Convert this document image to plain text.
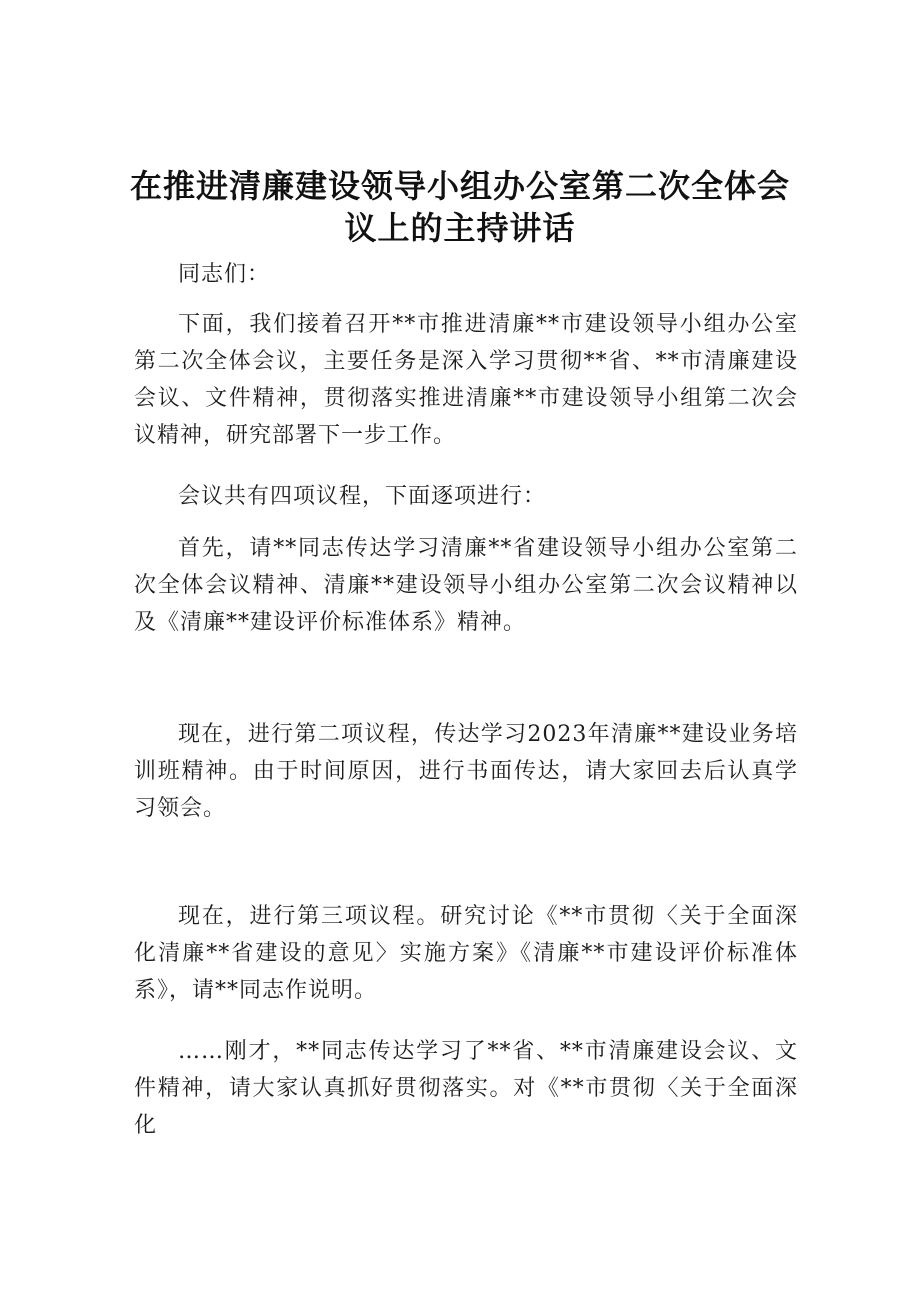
在推进清廉建设领导小组办公室第二次全体会
议上的主持讲话
同志们：
下面，我们接着召开**市推进清廉**市建设领导小组办公室第二次全体会议，主要任务是深入学习贯彻**省、**市清廉建设会议、文件精神，贯彻落实推进清廉**市建设领导小组第二次会议精神，研究部署下一步工作。
会议共有四项议程，下面逐项进行：
首先，请**同志传达学习清廉**省建设领导小组办公室第二次全体会议精神、清廉**建设领导小组办公室第二次会议精神以及《清廉**建设评价标准体系》精神。
现在，进行第二项议程，传达学习2023年清廉**建设业务培训班精神。由于时间原因，进行书面传达，请大家回去后认真学习领会。
现在，进行第三项议程。研究讨论《**市贯彻〈关于全面深化清廉**省建设的意见〉实施方案》《清廉**市建设评价标准体系》，请**同志作说明。
……刚才，**同志传达学习了**省、**市清廉建设会议、文件精神，请大家认真抓好贯彻落实。对《**市贯彻〈关于全面深化
